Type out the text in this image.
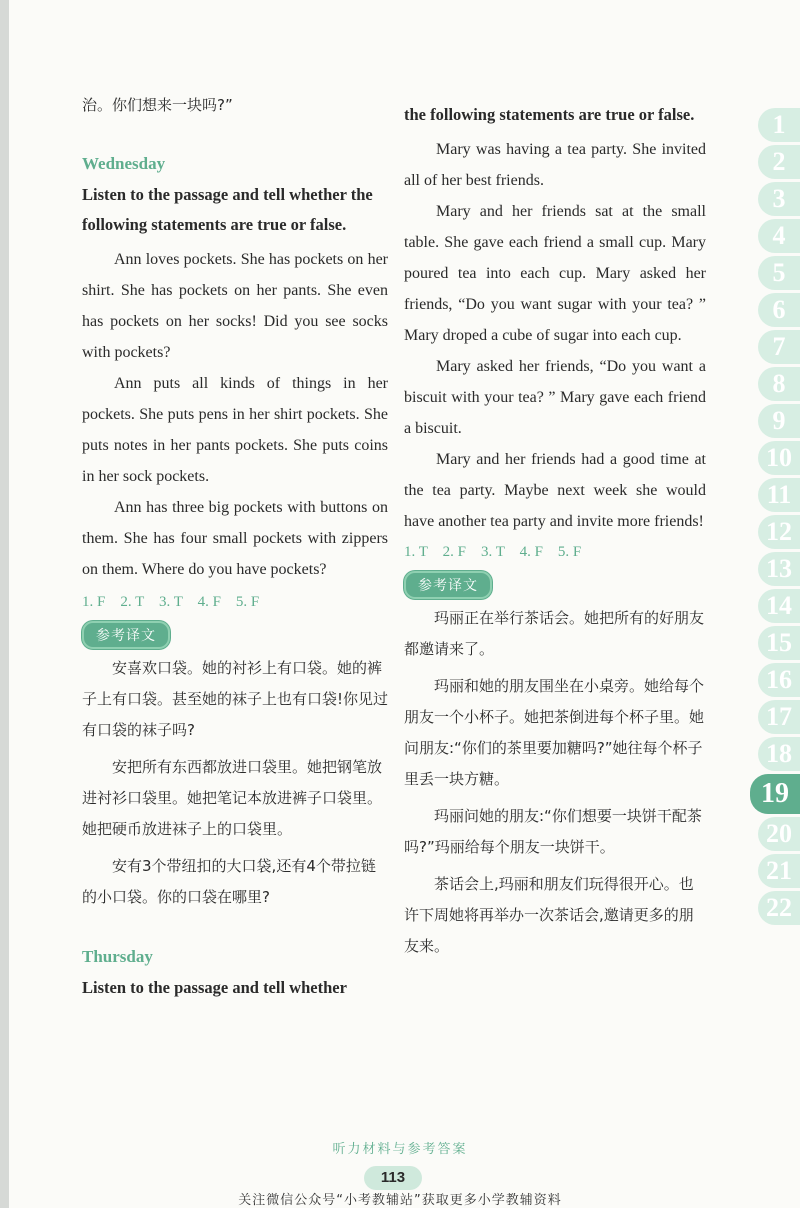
治。你们想来一块吗?”

Wednesday

Listen to the passage and tell whether the following statements are true or false.

Ann loves pockets. She has pockets on her shirt. She has pockets on her pants. She even has pockets on her socks! Did you see socks with pockets?

Ann puts all kinds of things in her pockets. She puts pens in her shirt pockets. She puts notes in her pants pockets. She puts coins in her sock pockets.

Ann has three big pockets with buttons on them. She has four small pockets with zippers on them. Where do you have pockets?

1. F    2. T    3. T    4. F    5. F

参考译文

安喜欢口袋。她的衬衫上有口袋。她的裤子上有口袋。甚至她的袜子上也有口袋!你见过有口袋的袜子吗?

安把所有东西都放进口袋里。她把钢笔放进衬衫口袋里。她把笔记本放进裤子口袋里。她把硬币放进袜子上的口袋里。

安有3个带纽扣的大口袋,还有4个带拉链的小口袋。你的口袋在哪里?

Thursday

Listen to the passage and tell whether

the following statements are true or false.

Mary was having a tea party. She invited all of her best friends.

Mary and her friends sat at the small table. She gave each friend a small cup. Mary poured tea into each cup. Mary asked her friends, “Do you want sugar with your tea? ” Mary droped a cube of sugar into each cup.

Mary asked her friends, “Do you want a biscuit with your tea? ” Mary gave each friend a biscuit.

Mary and her friends had a good time at the tea party. Maybe next week she would have another tea party and invite more friends!

1. T    2. F    3. T    4. F    5. F

参考译文

玛丽正在举行茶话会。她把所有的好朋友都邀请来了。

玛丽和她的朋友围坐在小桌旁。她给每个朋友一个小杯子。她把茶倒进每个杯子里。她问朋友:“你们的茶里要加糖吗?”她往每个杯子里丢一块方糖。

玛丽问她的朋友:“你们想要一块饼干配茶吗?”玛丽给每个朋友一块饼干。

茶话会上,玛丽和朋友们玩得很开心。也许下周她将再举办一次茶话会,邀请更多的朋友来。

1
2
3
4
5
6
7
8
9
10
11
12
13
14
15
16
17
18
19
20
21
22
听力材料与参考答案
113
关注微信公众号“小考教辅站”获取更多小学教辅资料
